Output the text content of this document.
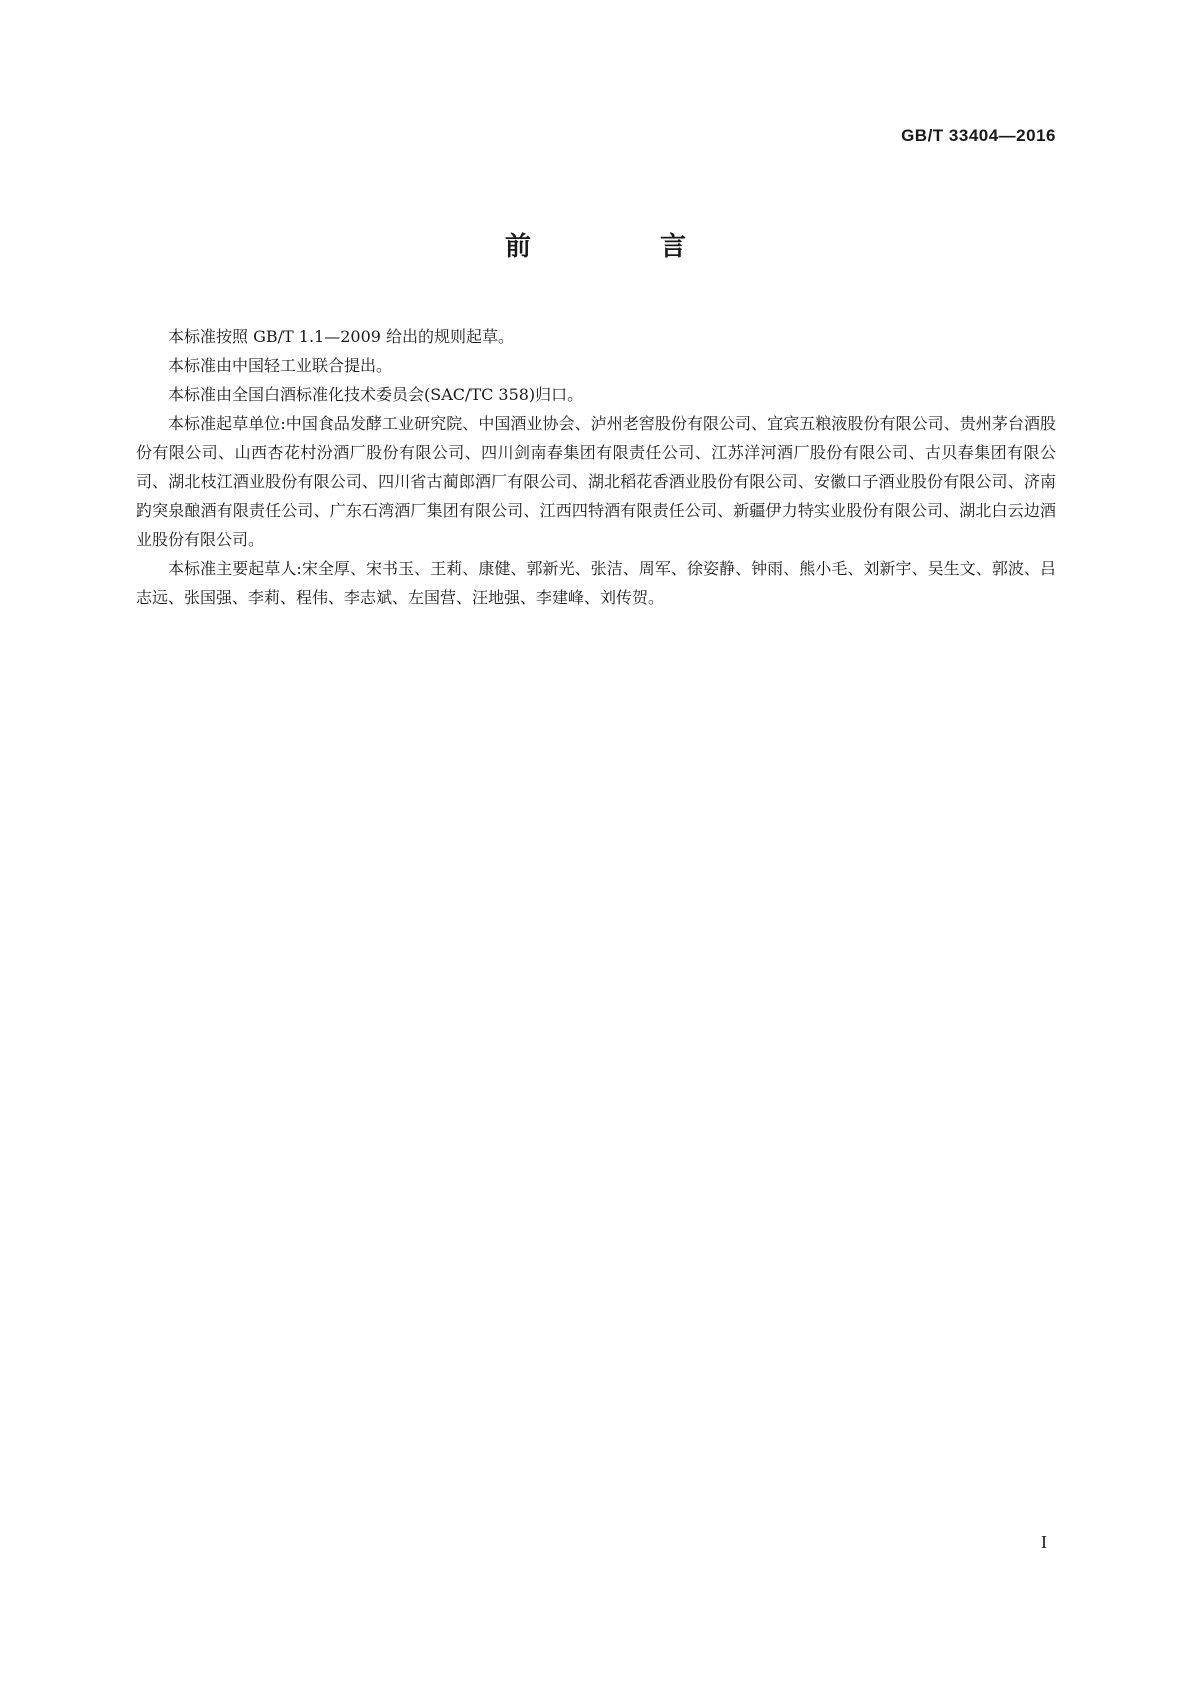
GB/T 33404—2016
前 言

本标准按照 GB/T 1.1—2009 给出的规则起草。

本标准由中国轻工业联合提出。

本标准由全国白酒标准化技术委员会(SAC/TC 358)归口。

本标准起草单位:中国食品发酵工业研究院、中国酒业协会、泸州老窖股份有限公司、宜宾五粮液股份有限公司、贵州茅台酒股份有限公司、山西杏花村汾酒厂股份有限公司、四川剑南春集团有限责任公司、江苏洋河酒厂股份有限公司、古贝春集团有限公司、湖北枝江酒业股份有限公司、四川省古蔺郎酒厂有限公司、湖北稻花香酒业股份有限公司、安徽口子酒业股份有限公司、济南趵突泉酿酒有限责任公司、广东石湾酒厂集团有限公司、江西四特酒有限责任公司、新疆伊力特实业股份有限公司、湖北白云边酒业股份有限公司。

本标准主要起草人:宋全厚、宋书玉、王莉、康健、郭新光、张洁、周军、徐姿静、钟雨、熊小毛、刘新宇、吴生文、郭波、吕志远、张国强、李莉、程伟、李志斌、左国营、汪地强、李建峰、刘传贺。

I
